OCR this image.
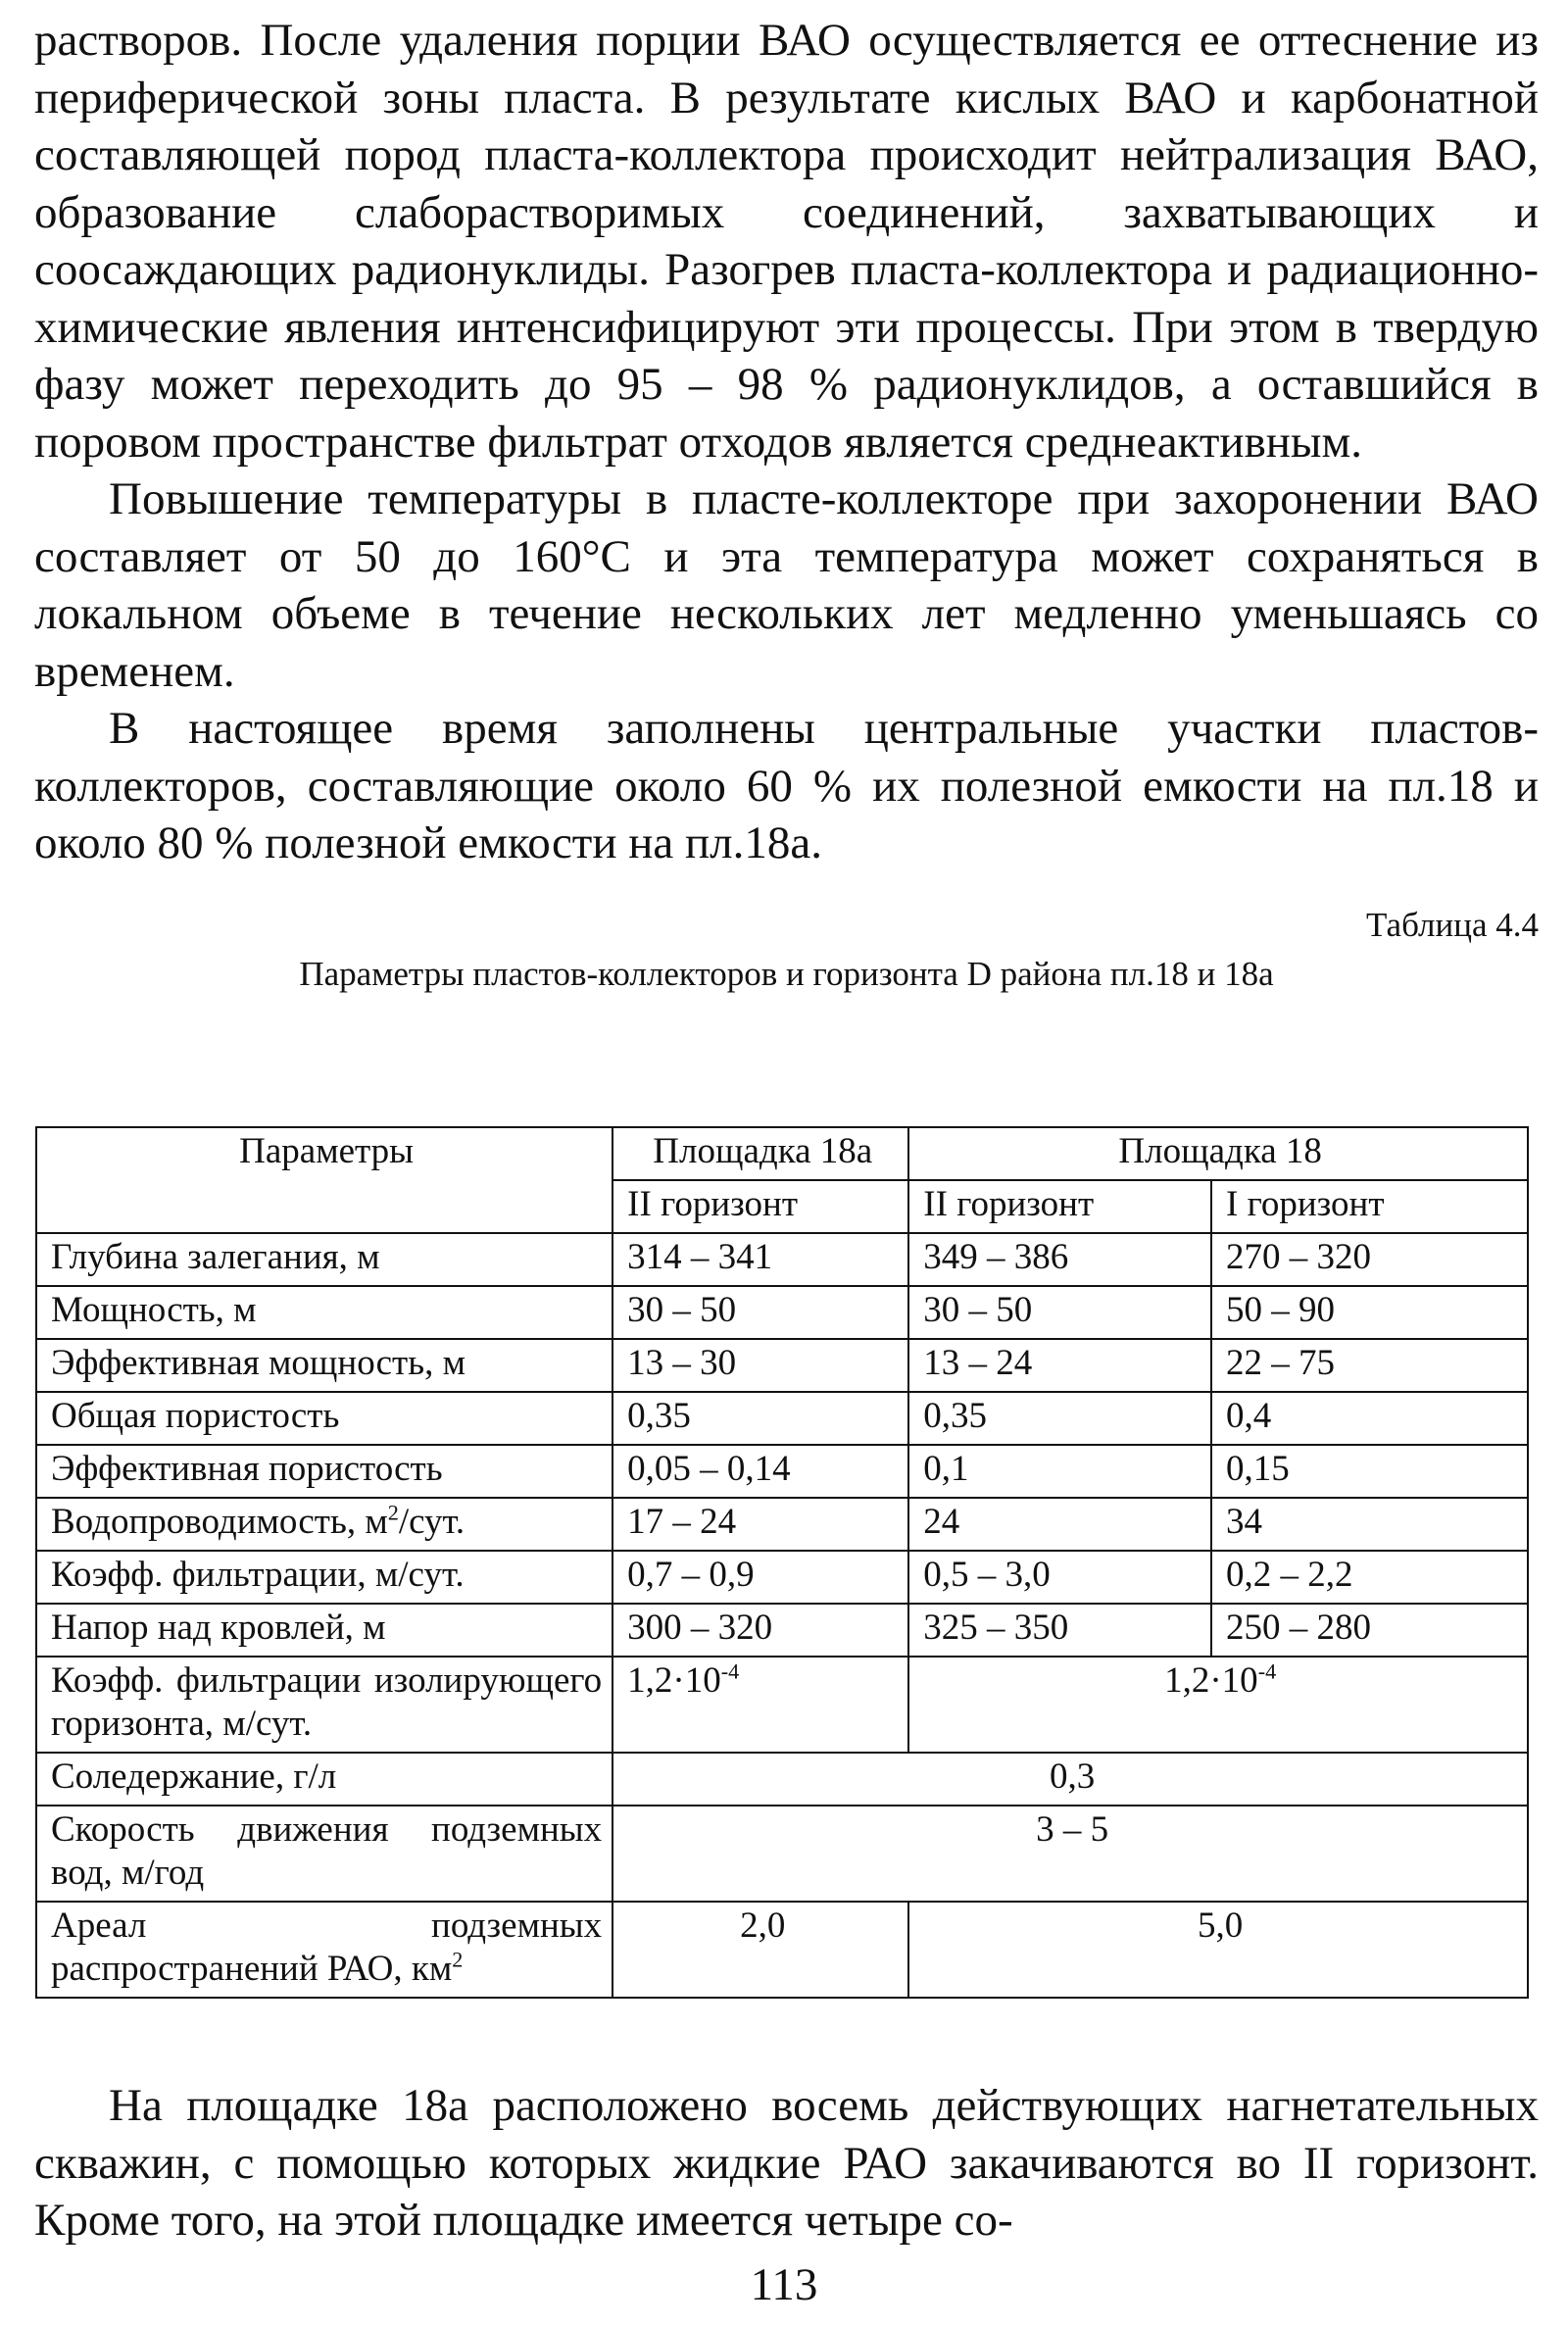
растворов. После удаления порции ВАО осуществляется ее оттеснение из периферической зоны пласта. В результате кислых ВАО и карбонатной составляющей пород пласта-коллектора происходит нейтрализация ВАО, образование слаборастворимых соединений, захватывающих и соосаждающих радионуклиды. Разогрев пласта-коллектора и радиационно-химические явления интенсифицируют эти процессы. При этом в твердую фазу может переходить до 95 – 98 % радионуклидов, а оставшийся в поровом пространстве фильтрат отходов является среднеактивным.

Повышение температуры в пласте-коллекторе при захоронении ВАО составляет от 50 до 160°С и эта температура может сохраняться в локальном объеме в течение нескольких лет медленно уменьшаясь со временем.

В настоящее время заполнены центральные участки пластов-коллекторов, составляющие около 60 % их полезной емкости на пл.18 и около 80 % полезной емкости на пл.18а.

Таблица 4.4
Параметры пластов-коллекторов и горизонта D района пл.18 и 18а
Параметры	Площадка 18а	Площадка 18	
	II горизонт	II горизонт	I горизонт
Глубина залегания, м	314 – 341	349 – 386	270 – 320
Мощность, м	30 – 50	30 – 50	50 – 90
Эффективная мощность, м	13 – 30	13 – 24	22 – 75
Общая пористость	0,35	0,35	0,4
Эффективная пористость	0,05 – 0,14	0,1	0,15
Водопроводимость, $м^2$/сут.	17 – 24	24	34
Коэфф. фильтрации, м/сут.	0,7 – 0,9	0,5 – 3,0	0,2 – 2,2
Напор над кровлей, м	300 – 320	325 – 350	250 – 280
Коэфф. фильтрации изолирующего горизонта, м/сут.	$1,2\cdot 10^{-4}$	$1,2\cdot 10^{-4}$
Соледержание, г/л	0,3		
Скорость движения подземных вод, м/год	3 – 5		
Ареал подземных распространений РАО, $км^2$	2,0	5,0	

На площадке 18а расположено восемь действующих нагнетательных скважин, с помощью которых жидкие РАО закачиваются во II горизонт. Кроме того, на этой площадке имеется четыре со-

113
